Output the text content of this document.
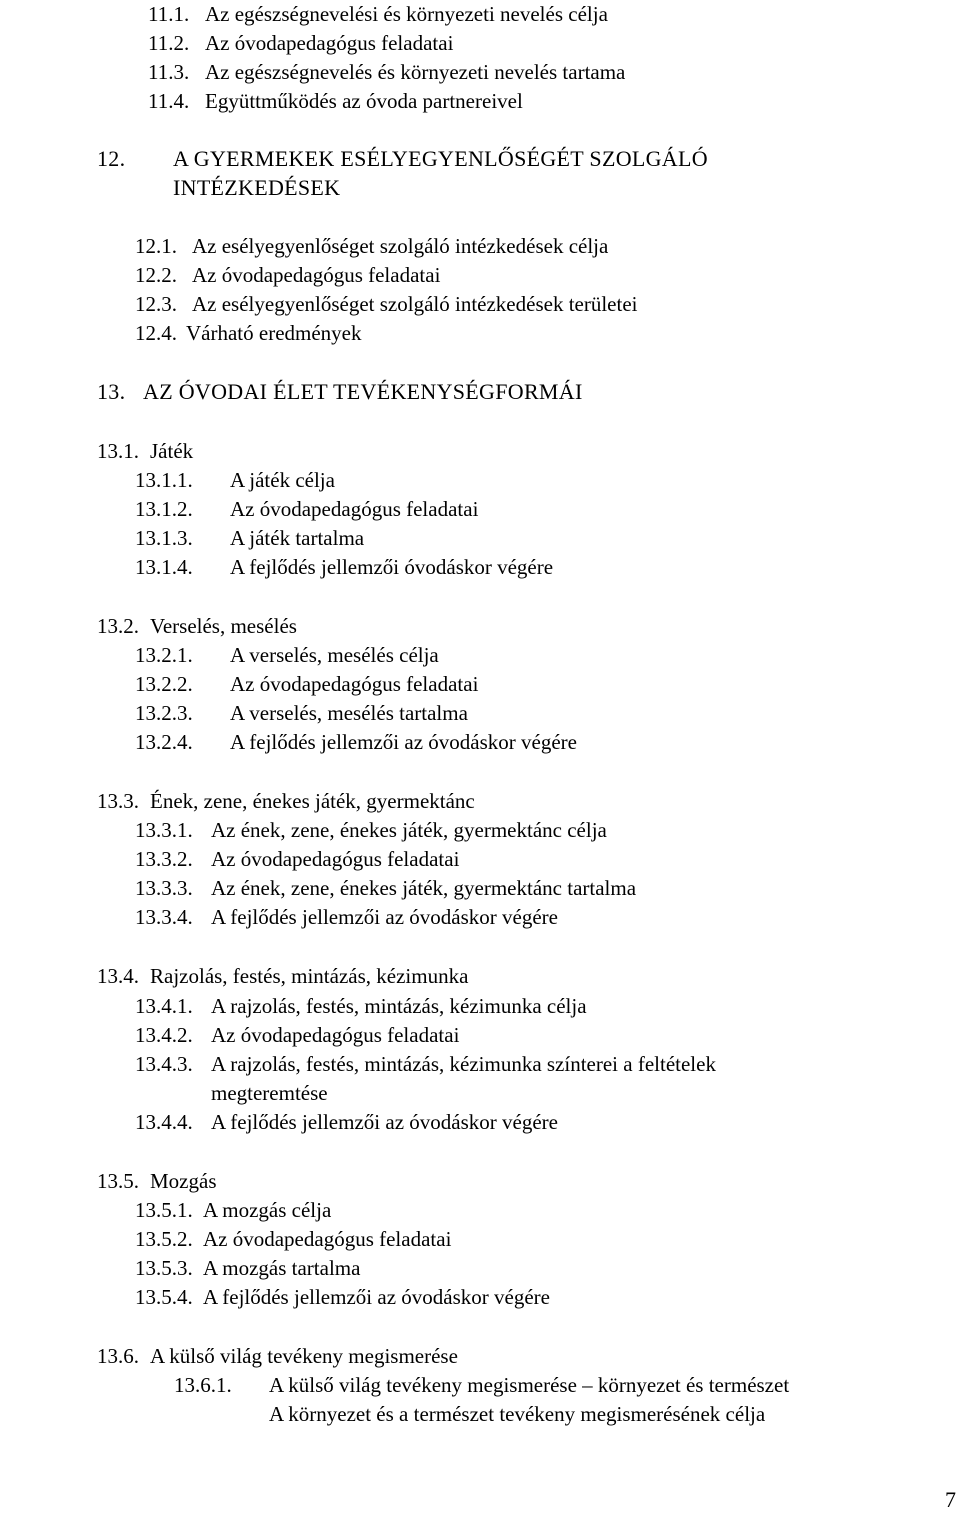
11.1. Az egészségnevelési és környezeti nevelés célja
11.2. Az óvodapedagógus feladatai
11.3. Az egészségnevelés és környezeti nevelés tartama
11.4. Együttműködés az óvoda partnereivel
12. A GYERMEKEK ESÉLYEGYENLŐSÉGÉT SZOLGÁLÓ
INTÉZKEDÉSEK
12.1. Az esélyegyenlőséget szolgáló intézkedések célja
12.2. Az óvodapedagógus feladatai
12.3. Az esélyegyenlőséget szolgáló intézkedések területei
12.4. Várható eredmények
13. AZ ÓVODAI ÉLET TEVÉKENYSÉGFORMÁI
13.1. Játék
13.1.1. A játék célja
13.1.2. Az óvodapedagógus feladatai
13.1.3. A játék tartalma
13.1.4. A fejlődés jellemzői óvodáskor végére
13.2. Verselés, mesélés
13.2.1. A verselés, mesélés célja
13.2.2. Az óvodapedagógus feladatai
13.2.3. A verselés, mesélés tartalma
13.2.4. A fejlődés jellemzői az óvodáskor végére
13.3. Ének, zene, énekes játék, gyermektánc
13.3.1. Az ének, zene, énekes játék, gyermektánc célja
13.3.2. Az óvodapedagógus feladatai
13.3.3. Az ének, zene, énekes játék, gyermektánc tartalma
13.3.4. A fejlődés jellemzői az óvodáskor végére
13.4. Rajzolás, festés, mintázás, kézimunka
13.4.1. A rajzolás, festés, mintázás, kézimunka célja
13.4.2. Az óvodapedagógus feladatai
13.4.3. A rajzolás, festés, mintázás, kézimunka színterei a feltételek
megteremtése
13.4.4. A fejlődés jellemzői az óvodáskor végére
13.5. Mozgás
13.5.1. A mozgás célja
13.5.2. Az óvodapedagógus feladatai
13.5.3. A mozgás tartalma
13.5.4. A fejlődés jellemzői az óvodáskor végére
13.6. A külső világ tevékeny megismerése
13.6.1. A külső világ tevékeny megismerése – környezet és természet
A környezet és a természet tevékeny megismerésének célja
7
